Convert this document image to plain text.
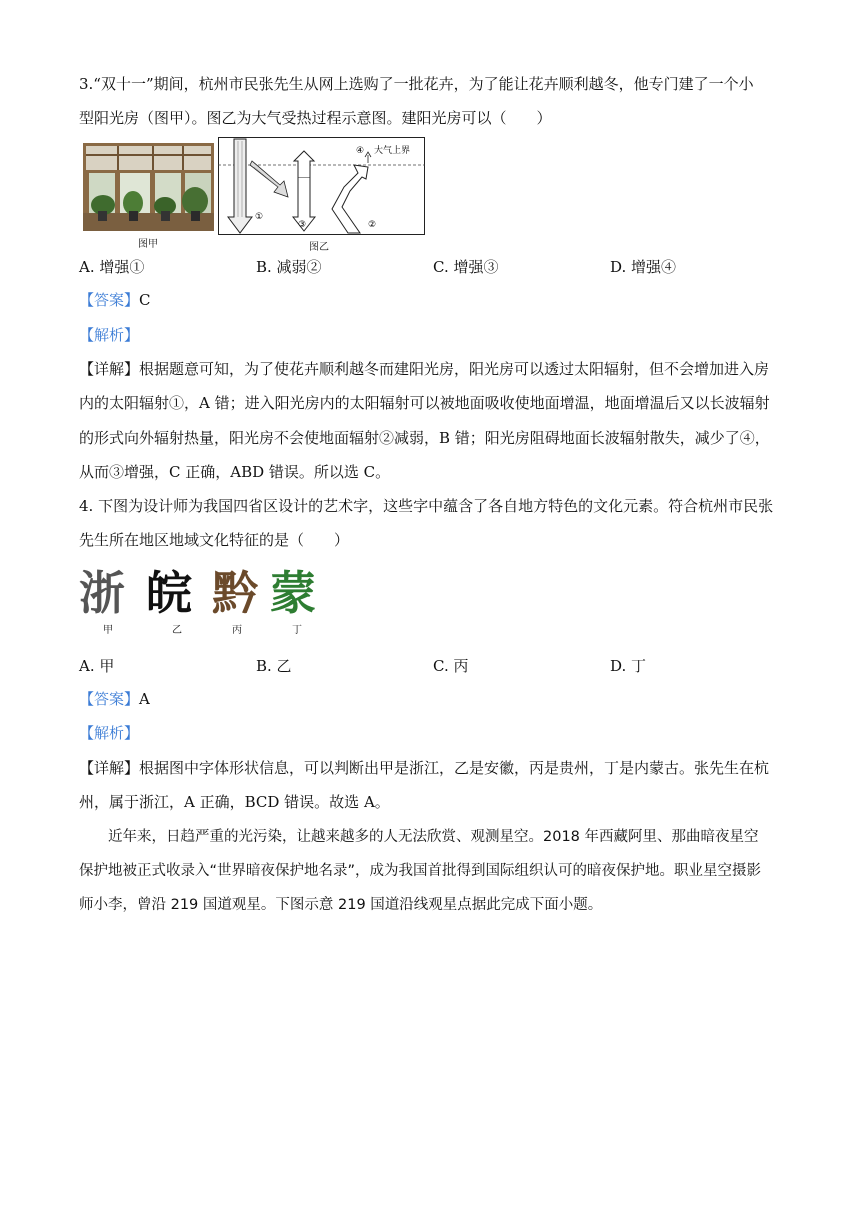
3.“双十一”期间，杭州市民张先生从网上选购了一批花卉，为了能让花卉顺利越冬，他专门建了一个小
型阳光房（图甲）。图乙为大气受热过程示意图。建阳光房可以（　　）
图甲
①
③	②
④ 大气上界
图乙
A. 增强①	B. 减弱②	C. 增强③	D. 增强④
【答案】C
【解析】
【详解】根据题意可知，为了使花卉顺利越冬而建阳光房，阳光房可以透过太阳辐射，但不会增加进入房
内的太阳辐射①，A 错；进入阳光房内的太阳辐射可以被地面吸收使地面增温，地面增温后又以长波辐射
的形式向外辐射热量，阳光房不会使地面辐射②减弱，B 错；阳光房阻碍地面长波辐射散失，减少了④，
从而③增强，C 正确，ABD 错误。所以选 C。
4. 下图为设计师为我国四省区设计的艺术字，这些字中蕴含了各自地方特色的文化元素。符合杭州市民张
先生所在地区地域文化特征的是（　　）
浙 皖 黔 蒙
甲	乙	丙	丁
A. 甲	B. 乙	C. 丙	D. 丁
【答案】A
【解析】
【详解】根据图中字体形状信息，可以判断出甲是浙江，乙是安徽，丙是贵州，丁是内蒙古。张先生在杭
州，属于浙江，A 正确，BCD 错误。故选 A。
近年来，日趋严重的光污染，让越来越多的人无法欣赏、观测星空。2018 年西藏阿里、那曲暗夜星空
保护地被正式收录入“世界暗夜保护地名录”，成为我国首批得到国际组织认可的暗夜保护地。职业星空摄影
师小李，曾沿 219 国道观星。下图示意 219 国道沿线观星点据此完成下面小题。
